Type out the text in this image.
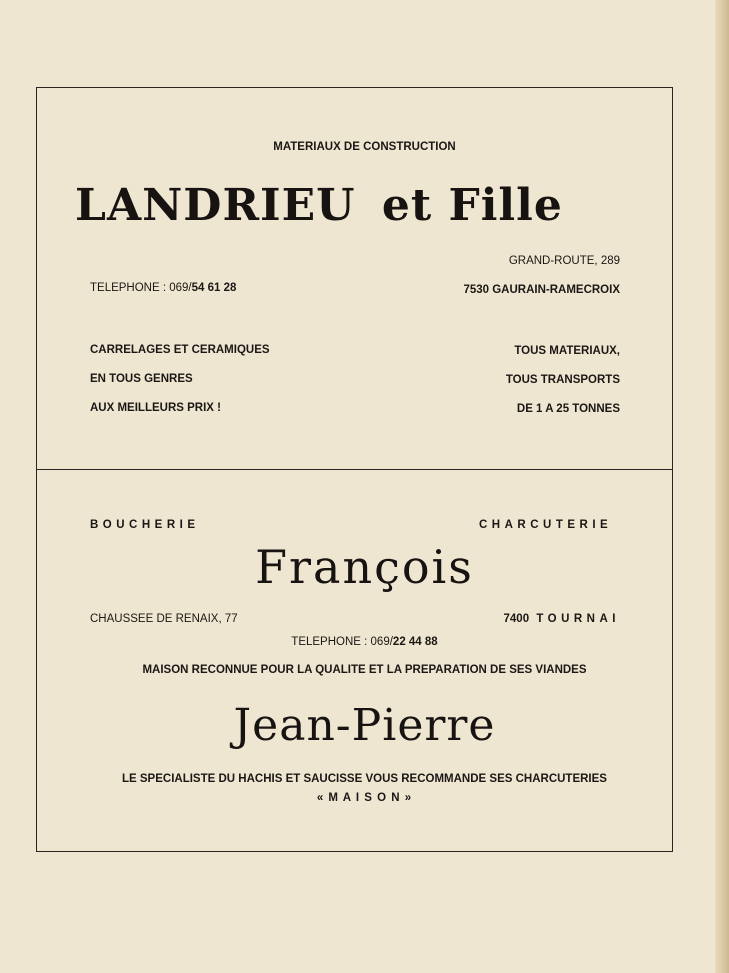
MATERIAUX DE CONSTRUCTION
LANDRIEU et Fille
GRAND-ROUTE, 289
TELEPHONE : 069/54 61 28	7530 GAURAIN-RAMECROIX
CARRELAGES ET CERAMIQUES
EN TOUS GENRES
AUX MEILLEURS PRIX !
TOUS MATERIAUX,
TOUS TRANSPORTS
DE 1 A 25 TONNES
BOUCHERIE	CHARCUTERIE
François
CHAUSSEE DE RENAIX, 77	7400 TOURNAI
TELEPHONE : 069/22 44 88
MAISON RECONNUE POUR LA QUALITE ET LA PREPARATION DE SES VIANDES
Jean-Pierre
LE SPECIALISTE DU HACHIS ET SAUCISSE VOUS RECOMMANDE SES CHARCUTERIES
« M A I S O N »
